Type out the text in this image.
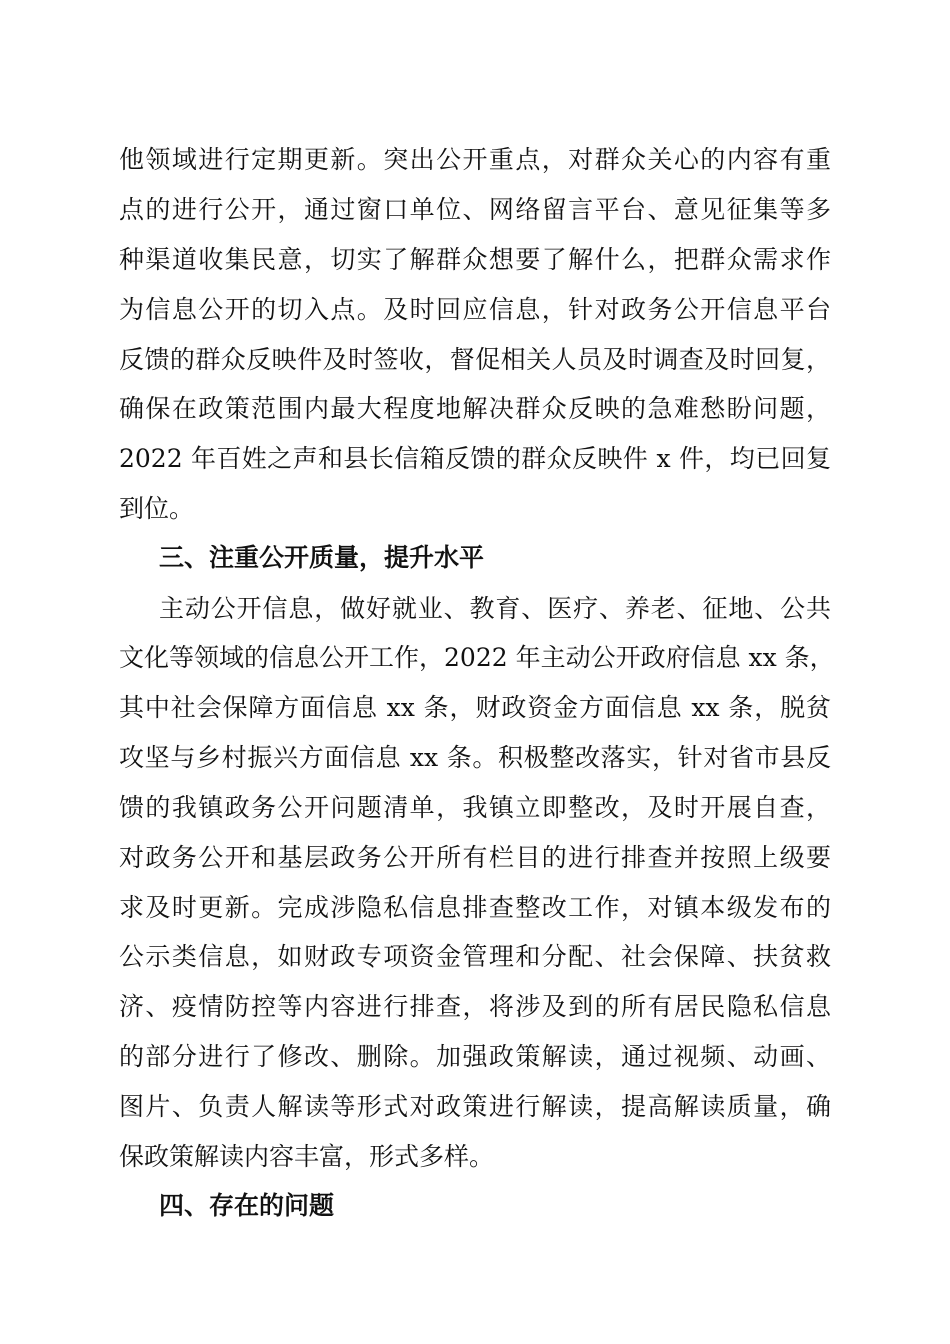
他领域进行定期更新。突出公开重点，对群众关心的内容有重
点的进行公开，通过窗口单位、网络留言平台、意见征集等多
种渠道收集民意，切实了解群众想要了解什么，把群众需求作
为信息公开的切入点。及时回应信息，针对政务公开信息平台
反馈的群众反映件及时签收，督促相关人员及时调查及时回复，
确保在政策范围内最大程度地解决群众反映的急难愁盼问题，
2022 年百姓之声和县长信箱反馈的群众反映件 x 件，均已回复
到位。
三、注重公开质量，提升水平
主动公开信息，做好就业、教育、医疗、养老、征地、公共
文化等领域的信息公开工作，2022 年主动公开政府信息 xx 条，
其中社会保障方面信息 xx 条，财政资金方面信息 xx 条，脱贫
攻坚与乡村振兴方面信息 xx 条。积极整改落实，针对省市县反
馈的我镇政务公开问题清单，我镇立即整改，及时开展自查，
对政务公开和基层政务公开所有栏目的进行排查并按照上级要
求及时更新。完成涉隐私信息排查整改工作，对镇本级发布的
公示类信息，如财政专项资金管理和分配、社会保障、扶贫救
济、疫情防控等内容进行排查，将涉及到的所有居民隐私信息
的部分进行了修改、删除。加强政策解读，通过视频、动画、
图片、负责人解读等形式对政策进行解读，提高解读质量，确
保政策解读内容丰富，形式多样。
四、存在的问题
